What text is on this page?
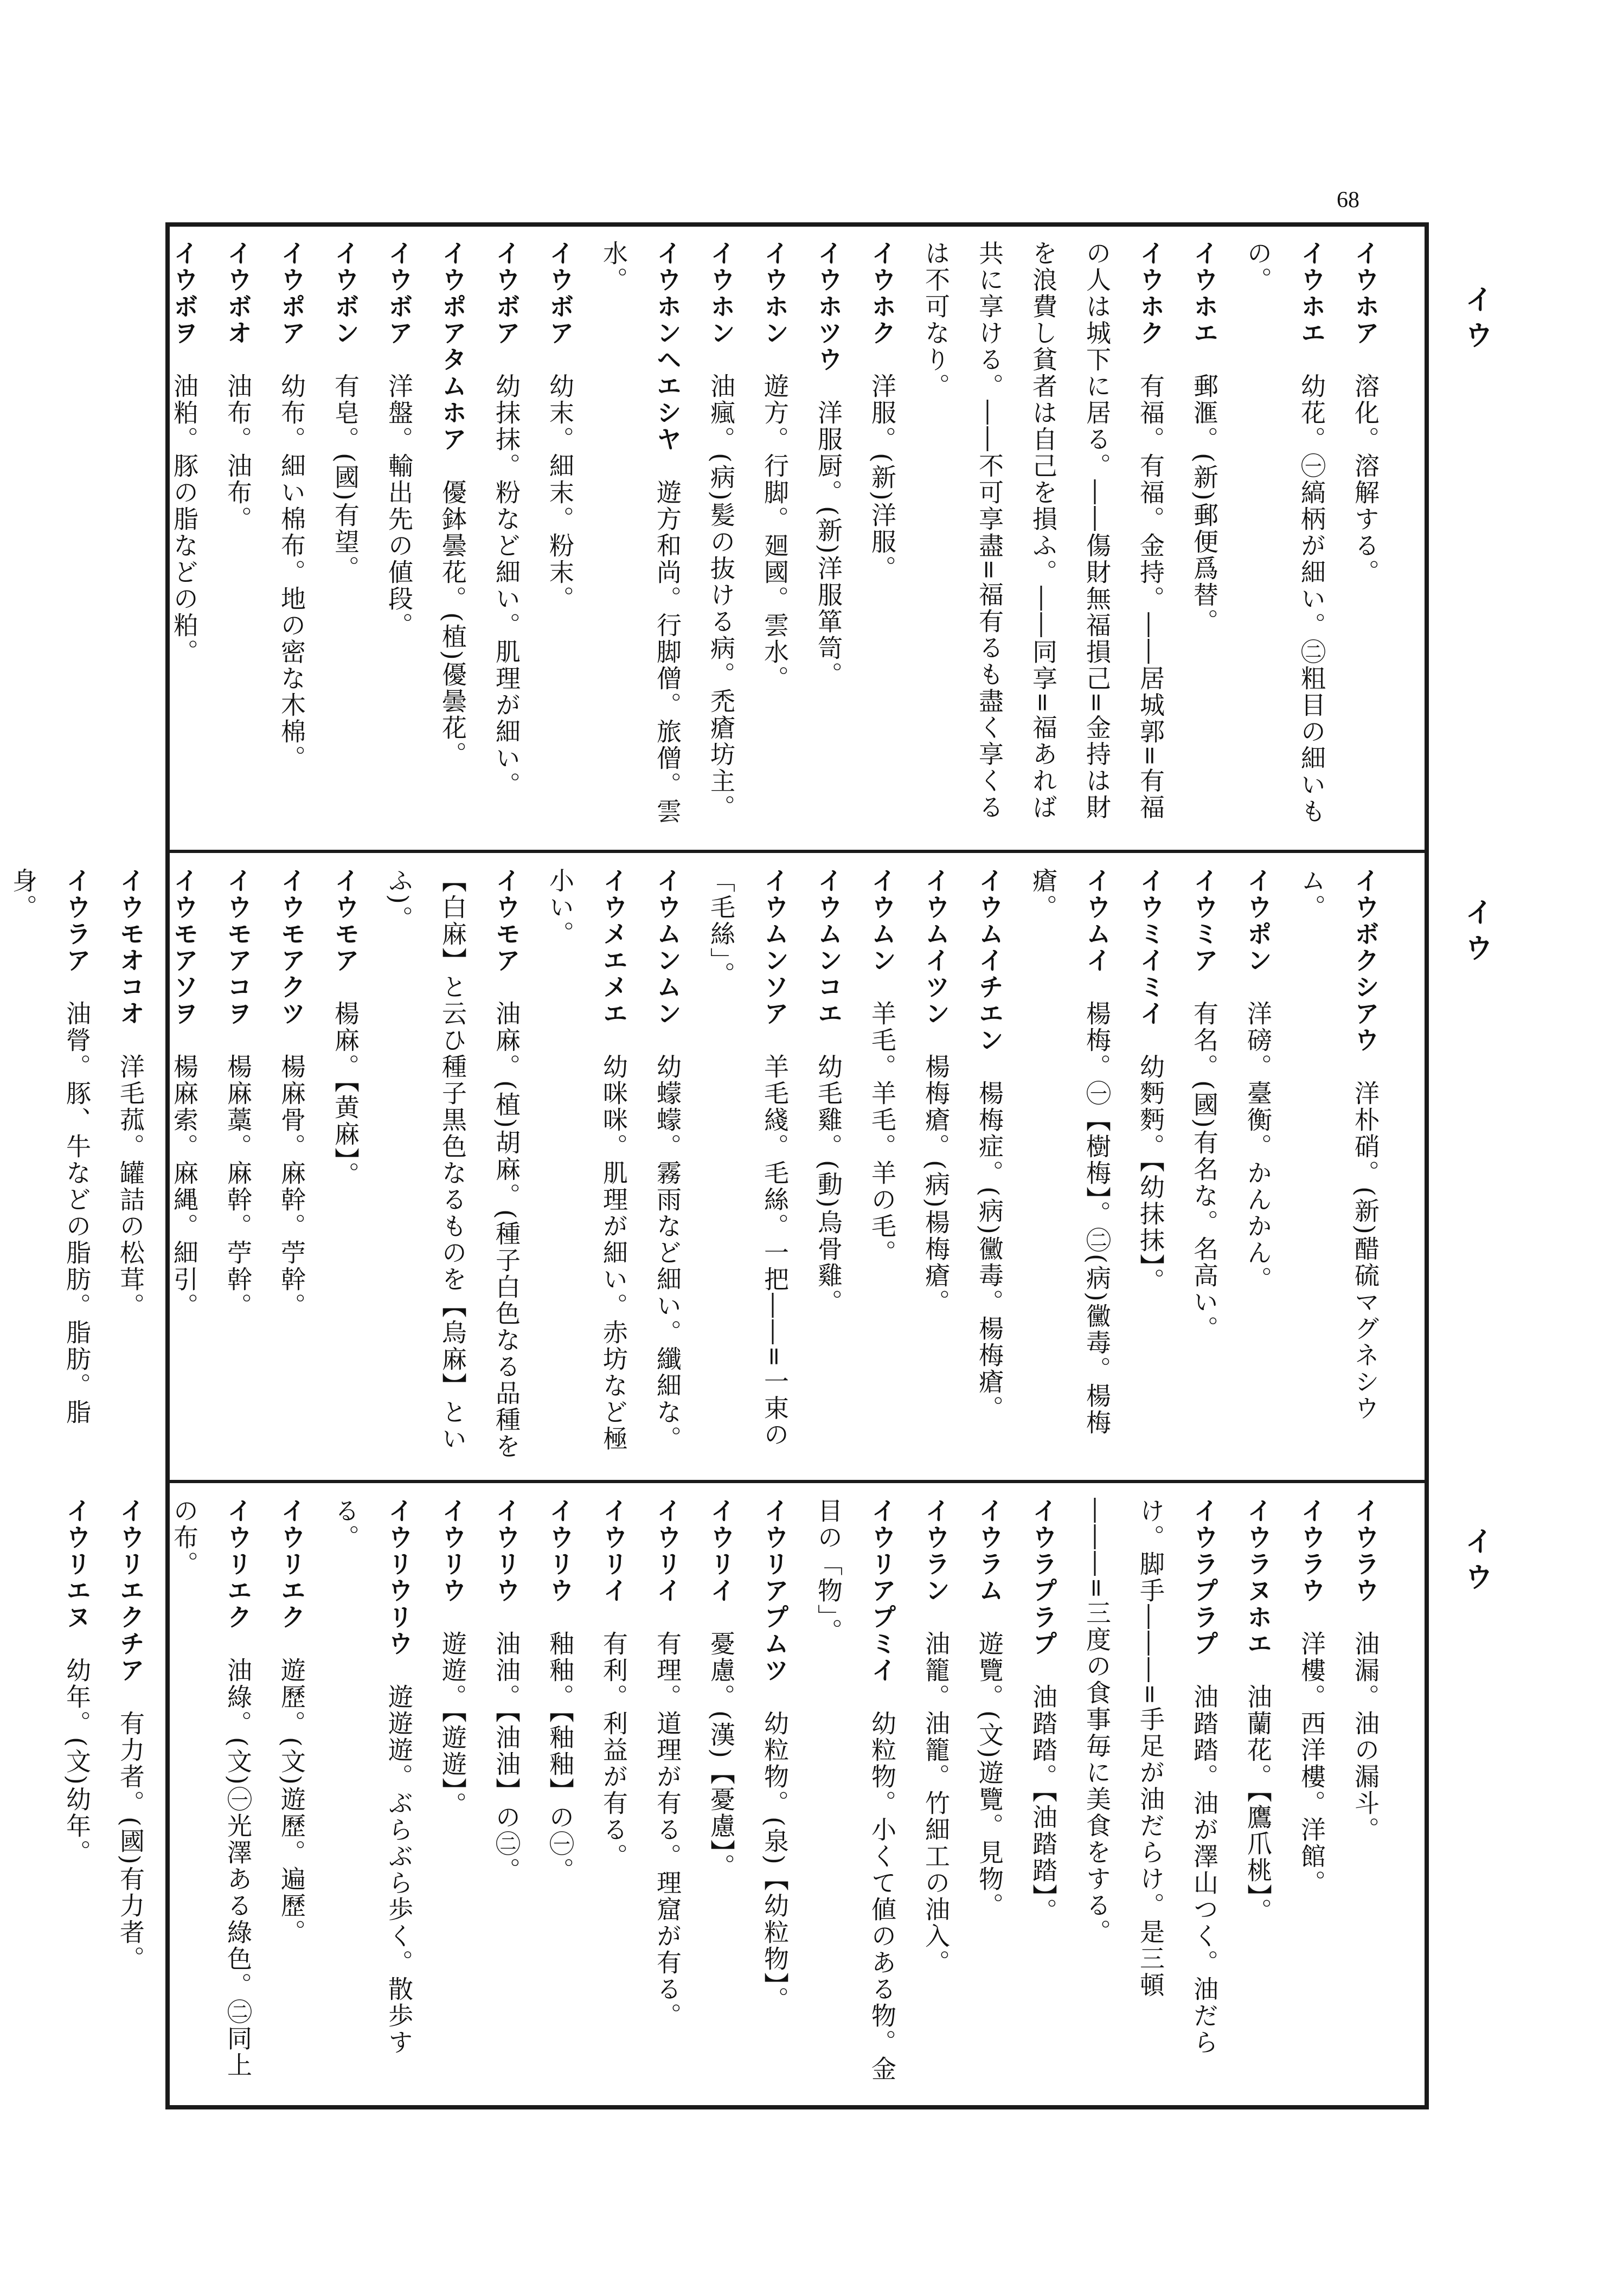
68
イウ
イウ
イウ
イウホア　溶化。溶解する。
イウホエ　幼花。㊀縞柄が細い。㊁粗目の細いもの。
イウホエ　郵滙。(新)郵便爲替。
イウホク　有福。有福。金持。――居城郭=有福の人は城下に居る。――傷財無福損己=金持は財を浪費し貧者は自己を損ふ。――同享=福あれば共に享ける。――不可享盡=福有るも盡く享くるは不可なり。
イウホク　洋服。(新)洋服。
イウホツウ　洋服厨。(新)洋服箪笥。
イウホン　遊方。行脚。廻國。雲水。
イウホン　油瘋。(病)髪の抜ける病。禿瘡坊主。
イウホンヘエシヤ　遊方和尚。行脚僧。旅僧。雲水。
イウボア　幼末。細末。粉末。
イウボア　幼抹抹。粉など細い。肌理が細い。
イウポアタムホア　優鉢曇花。(植)優曇花。
イウボア　洋盤。輸出先の値段。
イウボン　有皂。(國)有望。
イウポア　幼布。細い棉布。地の密な木棉。
イウボオ　油布。油布。
イウボヲ　油粕。豚の脂などの粕。
イウボクシアウ　洋朴硝。(新)醋硫マグネシウム。
イウポン　洋磅。臺衡。かんかん。
イウミア　有名。(國)有名な。名高い。
イウミイミイ　幼麪麪。【幼抹抹】。
イウムイ　楊梅。㊀【樹梅】。㊁(病)黴毒。楊梅瘡。
イウムイチエン　楊梅症。(病)黴毒。楊梅瘡。
イウムイツン　楊梅瘡。(病)楊梅瘡。
イウムン　羊毛。羊毛。羊の毛。
イウムンコエ　幼毛雞。(動)烏骨雞。
イウムンソア　羊毛綫。毛絲。一把――=一束の「毛絲」。
イウムンムン　幼蠓蠓。霧雨など細い。纖細な。
イウメエメエ　幼咪咪。肌理が細い。赤坊など極小い。
イウモア　油麻。(植)胡麻。(種子白色なる品種を【白麻】と云ひ種子黒色なるものを【烏麻】といふ)。
イウモア　楊麻。【黄麻】。
イウモアクツ　楊麻骨。麻幹。苧幹。
イウモアコヲ　楊麻藁。麻幹。苧幹。
イウモアソヲ　楊麻索。麻縄。細引。
イウモオコオ　洋毛菰。罐詰の松茸。
イウラア　油膋。豚、牛などの脂肪。脂肪。脂身。

イウラウ　油漏。油の漏斗。
イウラウ　洋樓。西洋樓。洋館。
イウラヌホエ　油蘭花。【鷹爪桃】。
イウラプラプ　油踏踏。油が澤山つく。油だらけ。脚手―――=手足が油だらけ。是三頓―――=三度の食事毎に美食をする。
イウラプラプ　油踏踏。【油踏踏】。
イウラム　遊覽。(文)遊覽。見物。
イウラン　油籠。油籠。竹細工の油入。
イウリアプミイ　幼粒物。小くて値のある物。金目の「物」。
イウリアプムツ　幼粒物。(泉)【幼粒物】。
イウリイ　憂慮。(漢)【憂慮】。
イウリイ　有理。道理が有る。理窟が有る。
イウリイ　有利。利益が有る。
イウリウ　釉釉。【釉釉】の㊀。
イウリウ　油油。【油油】の㊁。
イウリウ　遊遊。【遊遊】。
イウリウリウ　遊遊遊。ぶらぶら歩く。散歩する。
イウリエク　遊歷。(文)遊歷。遍歷。
イウリエク　油綠。(文)㊀光澤ある綠色。㊁同上の布。
イウリエクチア　有力者。(國)有力者。
イウリエヌ　幼年。(文)幼年。
